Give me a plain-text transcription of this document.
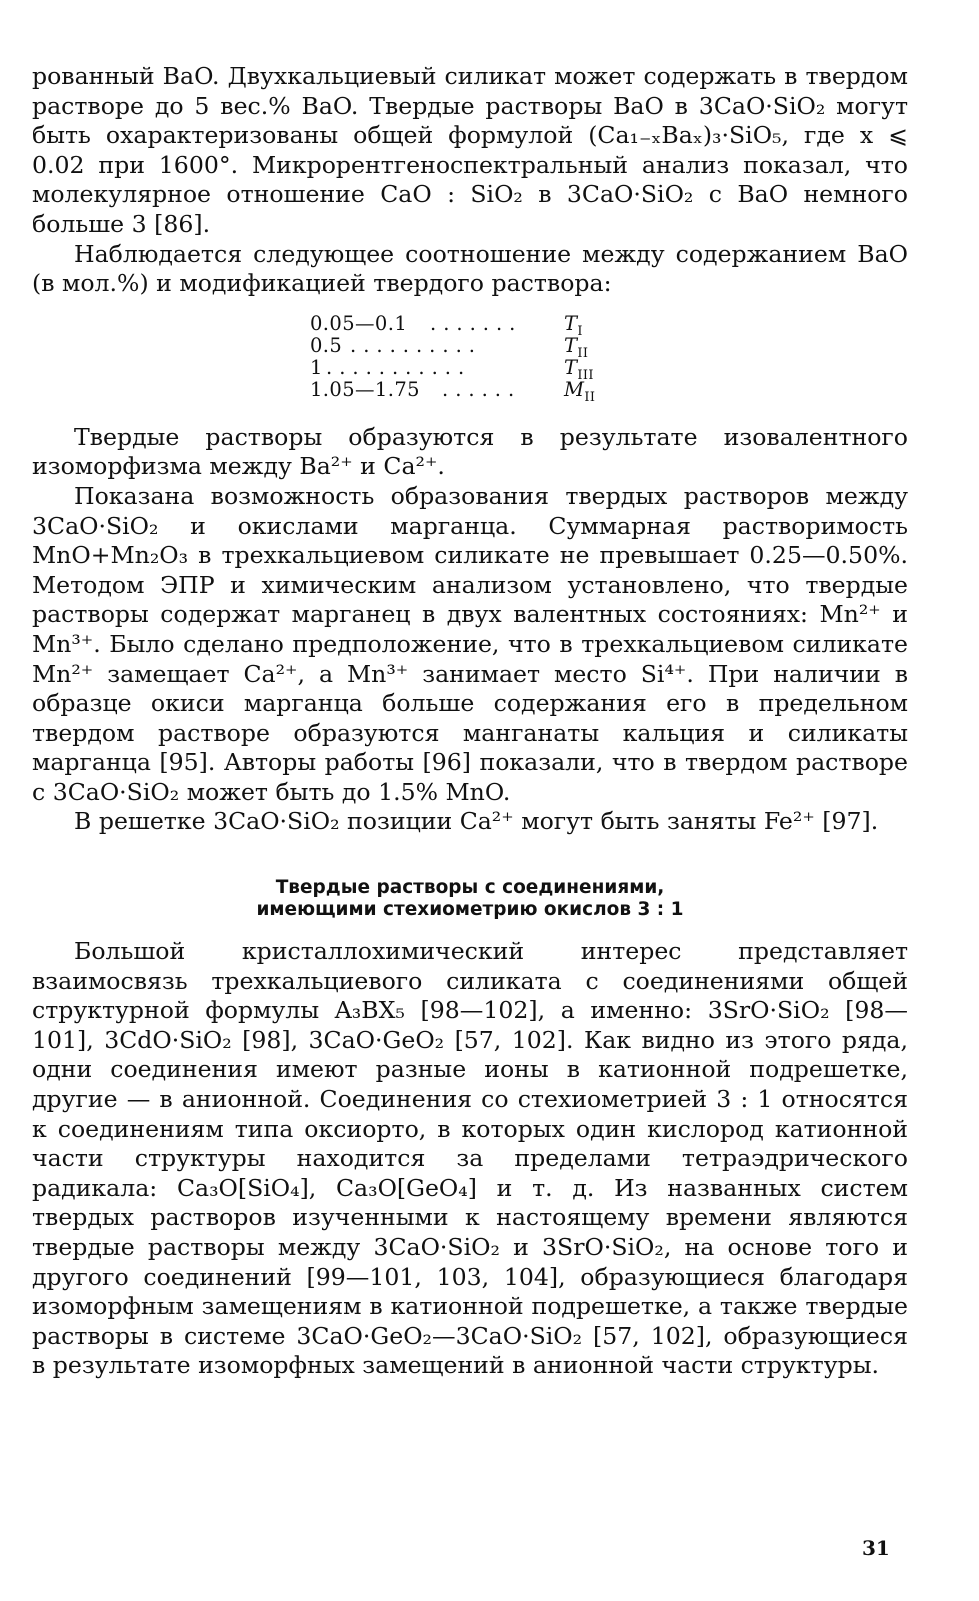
рованный BaO. Двухкальциевый силикат может содержать в твердом растворе до 5 вес.% BaO. Твердые растворы BaO в 3CaO·SiO₂ могут быть охарактеризованы общей формулой (Ca₁₋ₓBaₓ)₃·SiO₅, где x ⩽ 0.02 при 1600°. Микрорентгеноспектральный анализ показал, что молекулярное отношение CaO : SiO₂ в 3CaO·SiO₂ с BaO немного больше 3 [86].

Наблюдается следующее соотношение между содержанием BaO (в мол.%) и модификацией твердого раствора:

0.05—0.1	. . . . . . .	$T_I$
0.5 . . . . . . . . . .	$T_{II}$
1 . . . . . . . . . . .	$T_{III}$
1.05—1.75	. . . . . .	$M_{II}$

Твердые растворы образуются в результате изовалентного изоморфизма между Ba²⁺ и Ca²⁺.

Показана возможность образования твердых растворов между 3CaO·SiO₂ и окислами марганца. Суммарная растворимость MnO+Mn₂O₃ в трехкальциевом силикате не превышает 0.25—0.50%. Методом ЭПР и химическим анализом установлено, что твердые растворы содержат марганец в двух валентных состояниях: Mn²⁺ и Mn³⁺. Было сделано предположение, что в трехкальциевом силикате Mn²⁺ замещает Ca²⁺, а Mn³⁺ занимает место Si⁴⁺. При наличии в образце окиси марганца больше содержания его в предельном твердом растворе образуются манганаты кальция и силикаты марганца [95]. Авторы работы [96] показали, что в твердом растворе с 3CaO·SiO₂ может быть до 1.5% MnO.

В решетке 3CaO·SiO₂ позиции Ca²⁺ могут быть заняты Fe²⁺ [97].

Твердые растворы с соединениями,
имеющими стехиометрию окислов 3 : 1

Большой кристаллохимический интерес представляет взаимосвязь трехкальциевого силиката с соединениями общей структурной формулы A₃BX₅ [98—102], а именно: 3SrO·SiO₂ [98—101], 3CdO·SiO₂ [98], 3CaO·GeO₂ [57, 102]. Как видно из этого ряда, одни соединения имеют разные ионы в катионной подрешетке, другие — в анионной. Соединения со стехиометрией 3 : 1 относятся к соединениям типа оксиорто, в которых один кислород катионной части структуры находится за пределами тетраэдрического радикала: Ca₃O[SiO₄], Ca₃O[GeO₄] и т. д. Из названных систем твердых растворов изученными к настоящему времени являются твердые растворы между 3CaO·SiO₂ и 3SrO·SiO₂, на основе того и другого соединений [99—101, 103, 104], образующиеся благодаря изоморфным замещениям в катионной подрешетке, а также твердые растворы в системе 3CaO·GeO₂—3CaO·SiO₂ [57, 102], образующиеся в результате изоморфных замещений в анионной части структуры.

31
